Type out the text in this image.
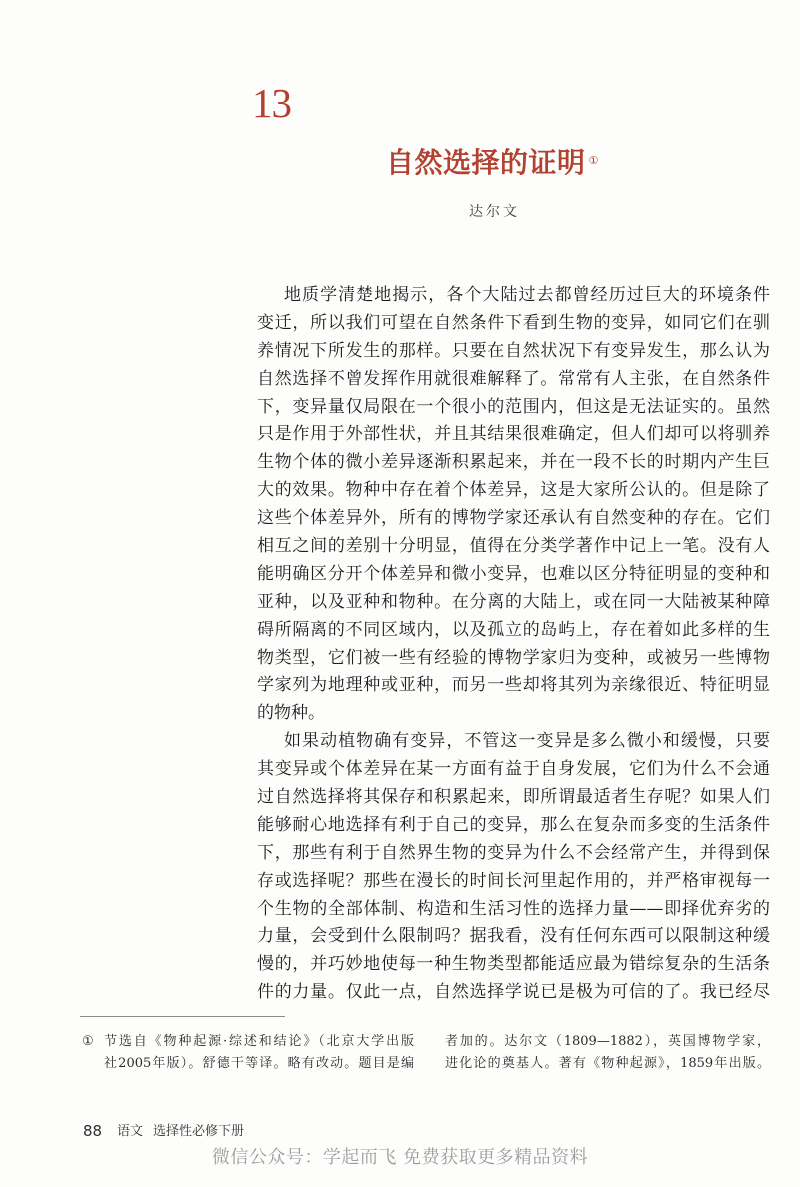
13
自然选择的证明 ①
达尔文
地质学清楚地揭示，各个大陆过去都曾经历过巨大的环境条件
变迁，所以我们可望在自然条件下看到生物的变异，如同它们在驯
养情况下所发生的那样。只要在自然状况下有变异发生，那么认为
自然选择不曾发挥作用就很难解释了。常常有人主张，在自然条件
下，变异量仅局限在一个很小的范围内，但这是无法证实的。虽然
只是作用于外部性状，并且其结果很难确定，但人们却可以将驯养
生物个体的微小差异逐渐积累起来，并在一段不长的时期内产生巨
大的效果。物种中存在着个体差异，这是大家所公认的。但是除了
这些个体差异外，所有的博物学家还承认有自然变种的存在。它们
相互之间的差别十分明显，值得在分类学著作中记上一笔。没有人
能明确区分开个体差异和微小变异，也难以区分特征明显的变种和
亚种，以及亚种和物种。在分离的大陆上，或在同一大陆被某种障
碍所隔离的不同区域内，以及孤立的岛屿上，存在着如此多样的生
物类型，它们被一些有经验的博物学家归为变种，或被另一些博物
学家列为地理种或亚种，而另一些却将其列为亲缘很近、特征明显
的物种。
如果动植物确有变异，不管这一变异是多么微小和缓慢，只要
其变异或个体差异在某一方面有益于自身发展，它们为什么不会通
过自然选择将其保存和积累起来，即所谓最适者生存呢？如果人们
能够耐心地选择有利于自己的变异，那么在复杂而多变的生活条件
下，那些有利于自然界生物的变异为什么不会经常产生，并得到保
存或选择呢？那些在漫长的时间长河里起作用的，并严格审视每一
个生物的全部体制、构造和生活习性的选择力量——即择优弃劣的
力量，会受到什么限制吗？据我看，没有任何东西可以限制这种缓
慢的，并巧妙地使每一种生物类型都能适应最为错综复杂的生活条
件的力量。仅此一点，自然选择学说已是极为可信的了。我已经尽
① 节选自《物种起源·综述和结论》（北京大学出版
社2005年版）。舒德干等译。略有改动。题目是编
者加的。达尔文（1809—1882），英国博物学家，
进化论的奠基人。著有《物种起源》，1859年出版。
88 语文 选择性必修下册
微信公众号：学起而飞 免费获取更多精品资料
